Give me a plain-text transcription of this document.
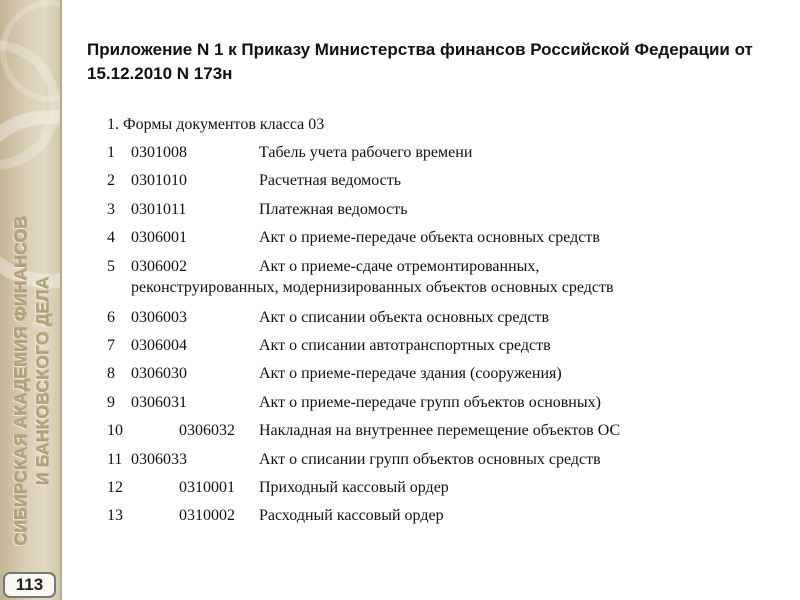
СИБИРСКАЯ АКАДЕМИЯ ФИНАНСОВ И БАНКОВСКОГО ДЕЛА
113
Приложение N 1 к Приказу Министерства финансов Российской Федерации от 15.12.2010 N 173н
1. Формы документов класса 03
1 0301008	Табель учета рабочего времени
2 0301010	Расчетная ведомость
3 0301011	Платежная ведомость
4 0306001	Акт о приеме-передаче объекта основных средств
5 0306002	Акт о приеме-сдаче отремонтированных,
реконструированных, модернизированных объектов основных средств
6 0306003	Акт о списании объекта основных средств
7 0306004	Акт о списании автотранспортных средств
8 0306030	Акт о приеме-передаче здания (сооружения)
9 0306031	Акт о приеме-передаче групп объектов основных)
10	0306032 Накладная на внутреннее перемещение объектов ОС
11 0306033	Акт о списании групп объектов основных средств
12	0310001 Приходный кассовый ордер
13	0310002 Расходный кассовый ордер
